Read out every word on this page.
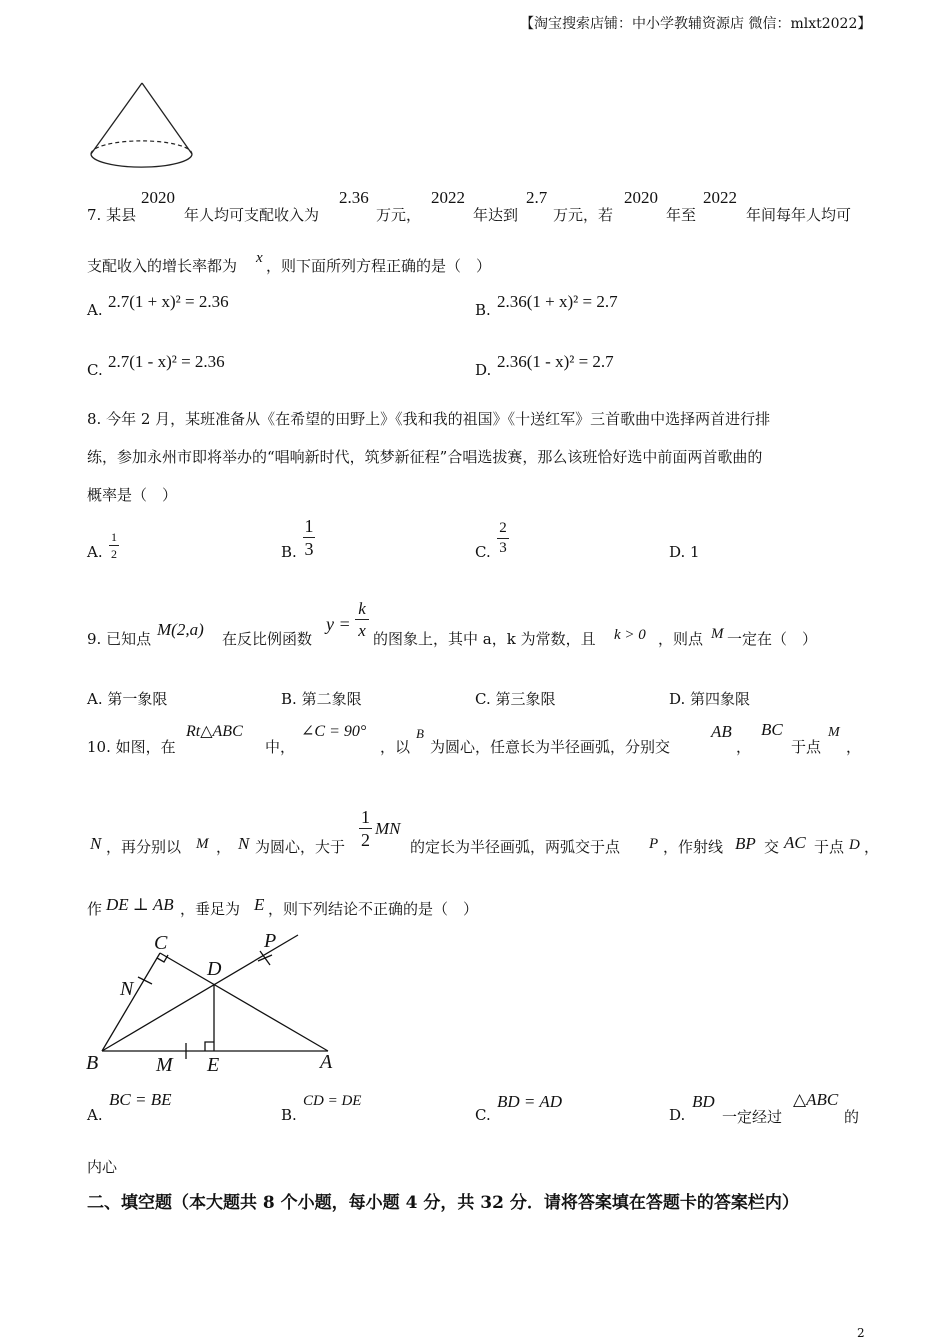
【淘宝搜索店铺：中小学教辅资源店 微信：mlxt2022】
7. 某县
2020
年人均可支配收入为
2.36
万元，
2022
年达到
2.7
万元，若
2020
年至
2022
年间每年人均可
支配收入的增长率都为 x ，则下面所列方程正确的是（　）
A. 2.7(1 + x)² = 2.36	B. 2.36(1 + x)² = 2.7
C. 2.7(1 - x)² = 2.36	D. 2.36(1 - x)² = 2.7
8. 今年 2 月，某班准备从《在希望的田野上》《我和我的祖国》《十送红军》三首歌曲中选择两首进行排
练，参加永州市即将举办的“唱响新时代，筑梦新征程”合唱选拔赛，那么该班恰好选中前面两首歌曲的
概率是（　）
A.
1
2	B.
1
3	C.
2
3	D. 1
9. 已知点 M(2,a) 在反比例函数
y =
k
x 的图象上，其中 a，k 为常数，且 k > 0 ，则点 M 一定在（　）
A. 第一象限	B. 第二象限	C. 第三象限	D. 第四象限
10. 如图，在
Rt△ABC
中，
∠C = 90°
，以
B
为圆心，任意长为半径画弧，分别交
AB
，
BC
于点
M
，
N ，再分别以 M ， N 为圆心，大于
1
2
MN
的定长为半径画弧，两弧交于点 P ，作射线 BP 交 AC 于点 D ，
作 DE ⊥ AB ，垂足为 E ，则下列结论不正确的是（　）
C	P
D
N
B	M E	A
A.
BC = BE
B.
CD = DE
C.
BD = AD
D.
BD
一定经过
△ABC
的
内心
二、填空题（本大题共 8 个小题，每小题 4 分，共 32 分．请将答案填在答题卡的答案栏内）
2
